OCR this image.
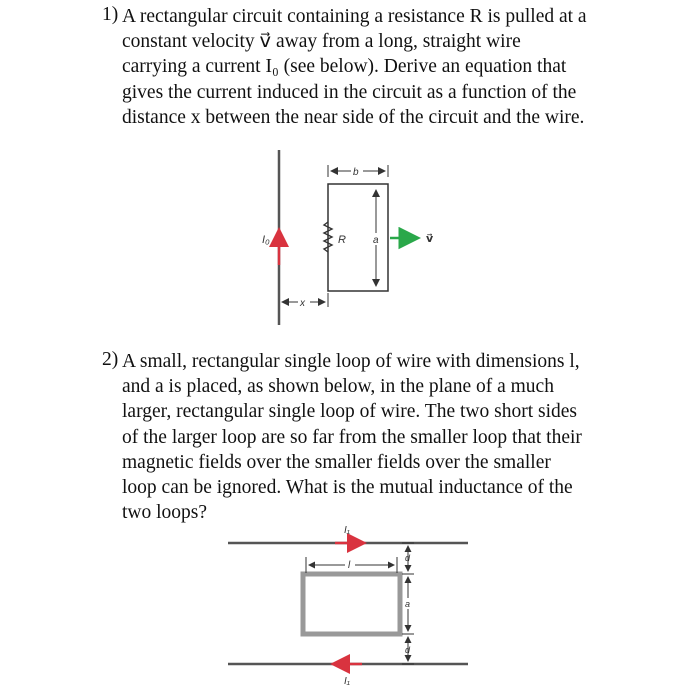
1) A rectangular circuit containing a resistance R is pulled at a
constant velocity v⃗ away from a long, straight wire
carrying a current I₀ (see below). Derive an equation that
gives the current induced in the circuit as a function of the
distance x between the near side of the circuit and the wire.
I₀	R	a
b
v⃗
x
2) A small, rectangular single loop of wire with dimensions l,
and a is placed, as shown below, in the plane of a much
larger, rectangular single loop of wire. The two short sides
of the larger loop are so far from the smaller loop that their
magnetic fields over the smaller fields over the smaller
loop can be ignored. What is the mutual inductance of the
two loops?
I₁
I₁
l
d
a
d
